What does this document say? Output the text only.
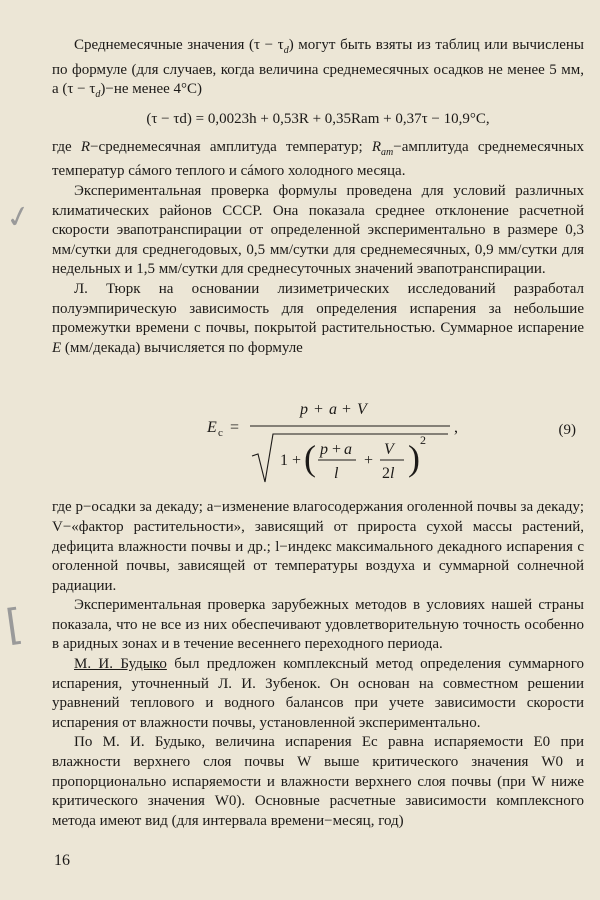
Среднемесячные значения $(\tau - \tau_d)$ могут быть взяты из таблиц или вычислены по формуле (для случаев, когда величина среднемесячных осадков не менее 5 мм, а $(\tau - \tau_d)-не$ менее 4°C)

(τ − τd) = 0,0023h + 0,53R + 0,35Ram + 0,37τ − 10,9°C,

где R−среднемесячная амплитуда температур; $R_{am}-амплитуда$ среднемесячных температур сáмого теплого и сáмого холодного месяца.

Экспериментальная проверка формулы проведена для условий различных климатических районов СССР. Она показала среднее отклонение расчетной скорости эвапотранспирации от определенной экспериментально в размере 0,3 мм/сутки для среднегодовых, 0,5 мм/сутки для среднемесячных, 0,9 мм/сутки для недельных и 1,5 мм/сутки для среднесуточных значений эвапотранспирации.

Л. Тюрк на основании лизиметрических исследований разработал полуэмпирическую зависимость для определения испарения за небольшие промежутки времени с почвы, покрытой растительностью. Суммарное испарение E (мм/декада) вычисляется по формуле

E c =
p + a + V
1 + ( p + a
l
+
V
2l ) 2
,	(9)

где p−осадки за декаду; a−изменение влагосодержания оголенной почвы за декаду; V−«фактор растительности», зависящий от прироста сухой массы растений, дефицита влажности почвы и др.; l−индекс максимального декадного испарения с оголенной почвы, зависящей от температуры воздуха и суммарной солнечной радиации.

Экспериментальная проверка зарубежных методов в условиях нашей страны показала, что не все из них обеспечивают удовлетворительную точность особенно в аридных зонах и в течение весеннего переходного периода.

М. И. Будыко был предложен комплексный метод определения суммарного испарения, уточненный Л. И. Зубенок. Он основан на совместном решении уравнений теплового и водного балансов при учете зависимости скорости испарения от влажности почвы, установленной экспериментально.

По М. И. Будыко, величина испарения Eс равна испаряемости E0 при влажности верхнего слоя почвы W выше критического значения W0 и пропорционально испаряемости и влажности верхнего слоя почвы (при W ниже критического значения W0). Основные расчетные зависимости комплексного метода имеют вид (для интервала времени−месяц, год)

✓
[
16
